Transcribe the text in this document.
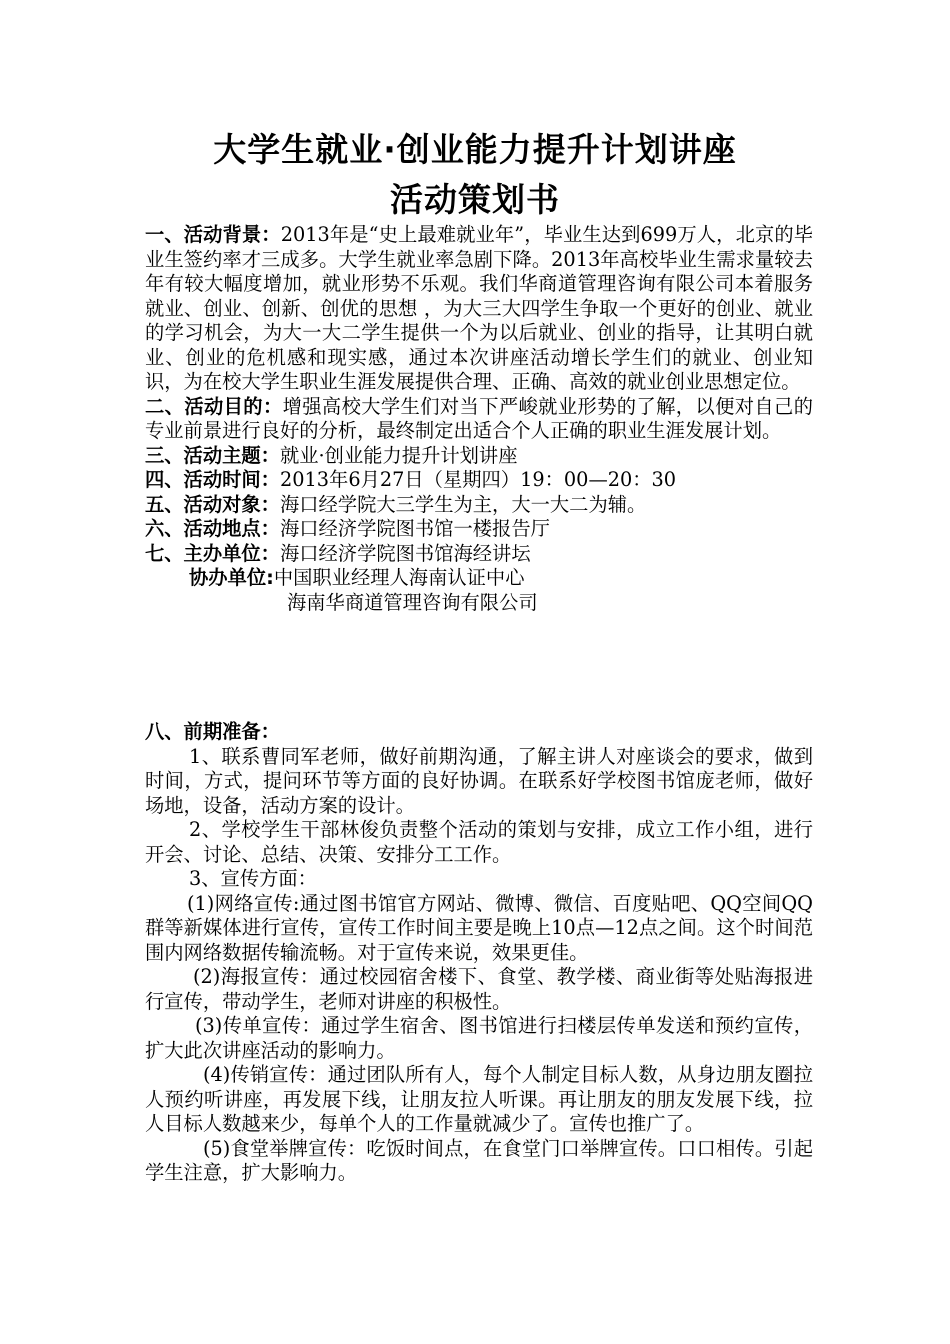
大学生就业·创业能力提升计划讲座
活动策划书

一、活动背景：2013年是“史上最难就业年”，毕业生达到699万人，北京的毕业生签约率才三成多。大学生就业率急剧下降。2013年高校毕业生需求量较去年有较大幅度增加，就业形势不乐观。我们华商道管理咨询有限公司本着服务就业、创业、创新、创优的思想 ，为大三大四学生争取一个更好的创业、就业的学习机会，为大一大二学生提供一个为以后就业、创业的指导，让其明白就业、创业的危机感和现实感，通过本次讲座活动增长学生们的就业、创业知识，为在校大学生职业生涯发展提供合理、正确、高效的就业创业思想定位。

二、活动目的：增强高校大学生们对当下严峻就业形势的了解，以便对自己的专业前景进行良好的分析，最终制定出适合个人正确的职业生涯发展计划。

三、活动主题：就业·创业能力提升计划讲座

四、活动时间：2013年6月27日（星期四）19：00—20：30

五、活动对象：海口经学院大三学生为主，大一大二为辅。

六、活动地点：海口经济学院图书馆一楼报告厅

七、主办单位：海口经济学院图书馆海经讲坛

协办单位:中国职业经理人海南认证中心

海南华商道管理咨询有限公司

八、前期准备：

1、联系曹同军老师，做好前期沟通，了解主讲人对座谈会的要求，做到时间，方式，提问环节等方面的良好协调。在联系好学校图书馆庞老师，做好场地，设备，活动方案的设计。

2、学校学生干部林俊负责整个活动的策划与安排，成立工作小组，进行开会、讨论、总结、决策、安排分工工作。

3、宣传方面：

(1)网络宣传:通过图书馆官方网站、微博、微信、百度贴吧、QQ空间QQ群等新媒体进行宣传，宣传工作时间主要是晚上10点—12点之间。这个时间范围内网络数据传输流畅。对于宣传来说，效果更佳。

(2)海报宣传：通过校园宿舍楼下、食堂、教学楼、商业街等处贴海报进行宣传，带动学生，老师对讲座的积极性。

(3)传单宣传：通过学生宿舍、图书馆进行扫楼层传单发送和预约宣传，扩大此次讲座活动的影响力。

(4)传销宣传：通过团队所有人，每个人制定目标人数，从身边朋友圈拉人预约听讲座，再发展下线，让朋友拉人听课。再让朋友的朋友发展下线，拉人目标人数越来少，每单个人的工作量就减少了。宣传也推广了。

(5)食堂举牌宣传：吃饭时间点，在食堂门口举牌宣传。口口相传。引起学生注意，扩大影响力。
